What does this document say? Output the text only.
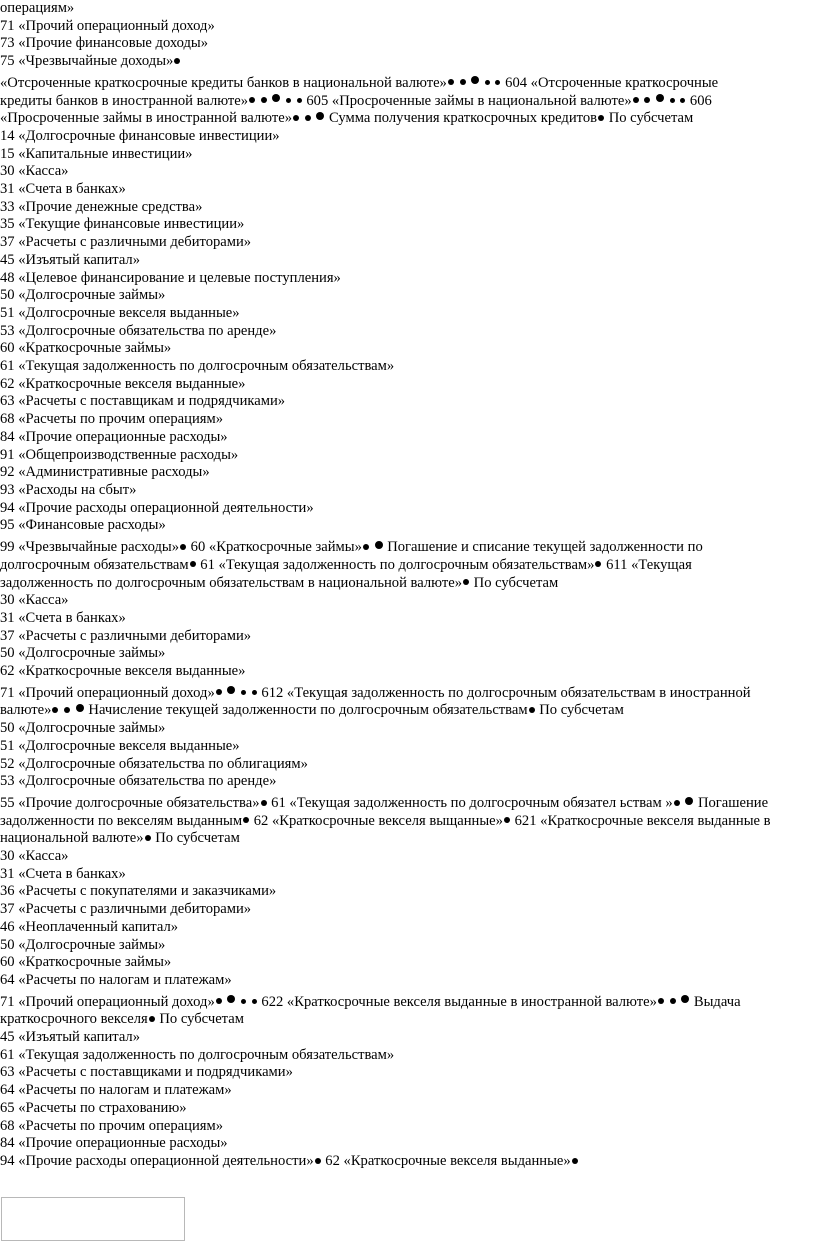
операциям»
71 «Прочий операционный доход»
73 «Прочие финансовые доходы»
75 «Чрезвычайные доходы»
«Отсроченные краткосрочные кредиты банков в национальной валюте»	604 «Отсроченные краткосрочные
кредиты банков в иностранной валюте»	605 «Просроченные займы в национальной валюте»	606
«Просроченные займы в иностранной валюте»	Сумма получения краткосрочных кредитов По субсчетам
14 «Долгосрочные финансовые инвестиции»
15 «Капитальные инвестиции»
30 «Касса»
31 «Счета в банках»
33 «Прочие денежные средства»
35 «Текущие финансовые инвестиции»
37 «Расчеты с различными дебиторами»
45 «Изъятый капитал»
48 «Целевое финансирование и целевые поступления»
50 «Долгосрочные займы»
51 «Долгосрочные векселя выданные»
53 «Долгосрочные обязательства по аренде»
60 «Краткосрочные займы»
61 «Текущая задолженность по долгосрочным обязательствам»
62 «Краткосрочные векселя выданные»
63 «Расчеты с поставщикам и подрядчиками»
68 «Расчеты по прочим операциям»
84 «Прочие операционные расходы»
91 «Общепроизводственные расходы»
92 «Административные расходы»
93 «Расходы на сбыт»
94 «Прочие расходы операционной деятельности»
95 «Финансовые расходы»
99 «Чрезвычайные расходы» 60 «Краткосрочные займы» Погашение и списание текущей задолженности по
долгосрочным обязательствам 61 «Текущая задолженность по долгосрочным обязательствам» 611 «Текущая
задолженность по долгосрочным обязательствам в национальной валюте» По субсчетам
30 «Касса»
31 «Счета в банках»
37 «Расчеты с различными дебиторами»
50 «Долгосрочные займы»
62 «Краткосрочные векселя выданные»
71 «Прочий операционный доход»	612 «Текущая задолженность по долгосрочным обязательствам в иностранной
валюте»	Начисление текущей задолженности по долгосрочным обязательствам По субсчетам
50 «Долгосрочные займы»
51 «Долгосрочные векселя выданные»
52 «Долгосрочные обязательства по облигациям»
53 «Долгосрочные обязательства по аренде»
55 «Прочие долгосрочные обязательства» 61 «Текущая задолженность по долгосрочным обязател ьствам » Погашение
задолженности по векселям выданным 62 «Краткосрочные векселя выщанные» 621 «Краткосрочные векселя выданные в
национальной валюте» По субсчетам
30 «Касса»
31 «Счета в банках»
36 «Расчеты с покупателями и заказчиками»
37 «Расчеты с различными дебиторами»
46 «Неоплаченный капитал»
50 «Долгосрочные займы»
60 «Краткосрочные займы»
64 «Расчеты по налогам и платежам»
71 «Прочий операционный доход»	622 «Краткосрочные векселя выданные в иностранной валюте»	Выдача
краткосрочного векселя По субсчетам
45 «Изъятый капитал»
61 «Текущая задолженность по долгосрочным обязательствам»
63 «Расчеты с поставщиками и подрядчиками»
64 «Расчеты по налогам и платежам»
65 «Расчеты по страхованию»
68 «Расчеты по прочим операциям»
84 «Прочие операционные расходы»
94 «Прочие расходы операционной деятельности» 62 «Краткосрочные векселя выданные»
